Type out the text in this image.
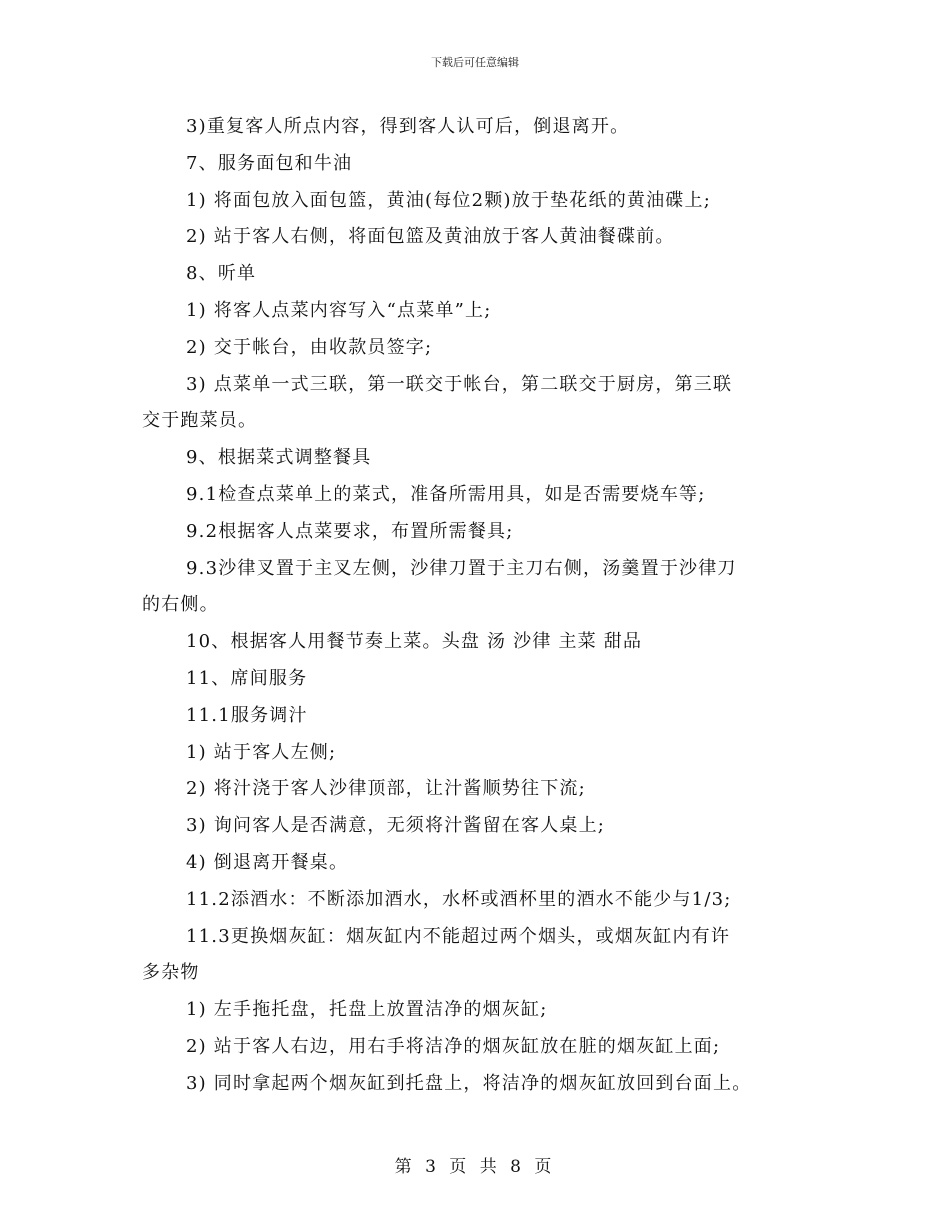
下载后可任意编辑
3)重复客人所点内容，得到客人认可后，倒退离开。
7、服务面包和牛油
1) 将面包放入面包篮，黄油(每位2颗)放于垫花纸的黄油碟上;
2) 站于客人右侧，将面包篮及黄油放于客人黄油餐碟前。
8、听单
1) 将客人点菜内容写入“点菜单”上;
2) 交于帐台，由收款员签字;
3) 点菜单一式三联，第一联交于帐台，第二联交于厨房，第三联
交于跑菜员。
9、根据菜式调整餐具
9.1检查点菜单上的菜式，准备所需用具，如是否需要烧车等;
9.2根据客人点菜要求，布置所需餐具;
9.3沙律叉置于主叉左侧，沙律刀置于主刀右侧，汤羹置于沙律刀
的右侧。
10、根据客人用餐节奏上菜。头盘 汤 沙律 主菜 甜品
11、席间服务
11.1服务调汁
1) 站于客人左侧;
2) 将汁浇于客人沙律顶部，让汁酱顺势往下流;
3) 询问客人是否满意，无须将汁酱留在客人桌上;
4) 倒退离开餐桌。
11.2添酒水：不断添加酒水，水杯或酒杯里的酒水不能少与1/3;
11.3更换烟灰缸：烟灰缸内不能超过两个烟头，或烟灰缸内有许
多杂物
1) 左手拖托盘，托盘上放置洁净的烟灰缸;
2) 站于客人右边，用右手将洁净的烟灰缸放在脏的烟灰缸上面;
3) 同时拿起两个烟灰缸到托盘上，将洁净的烟灰缸放回到台面上。
第 3 页 共 8 页
